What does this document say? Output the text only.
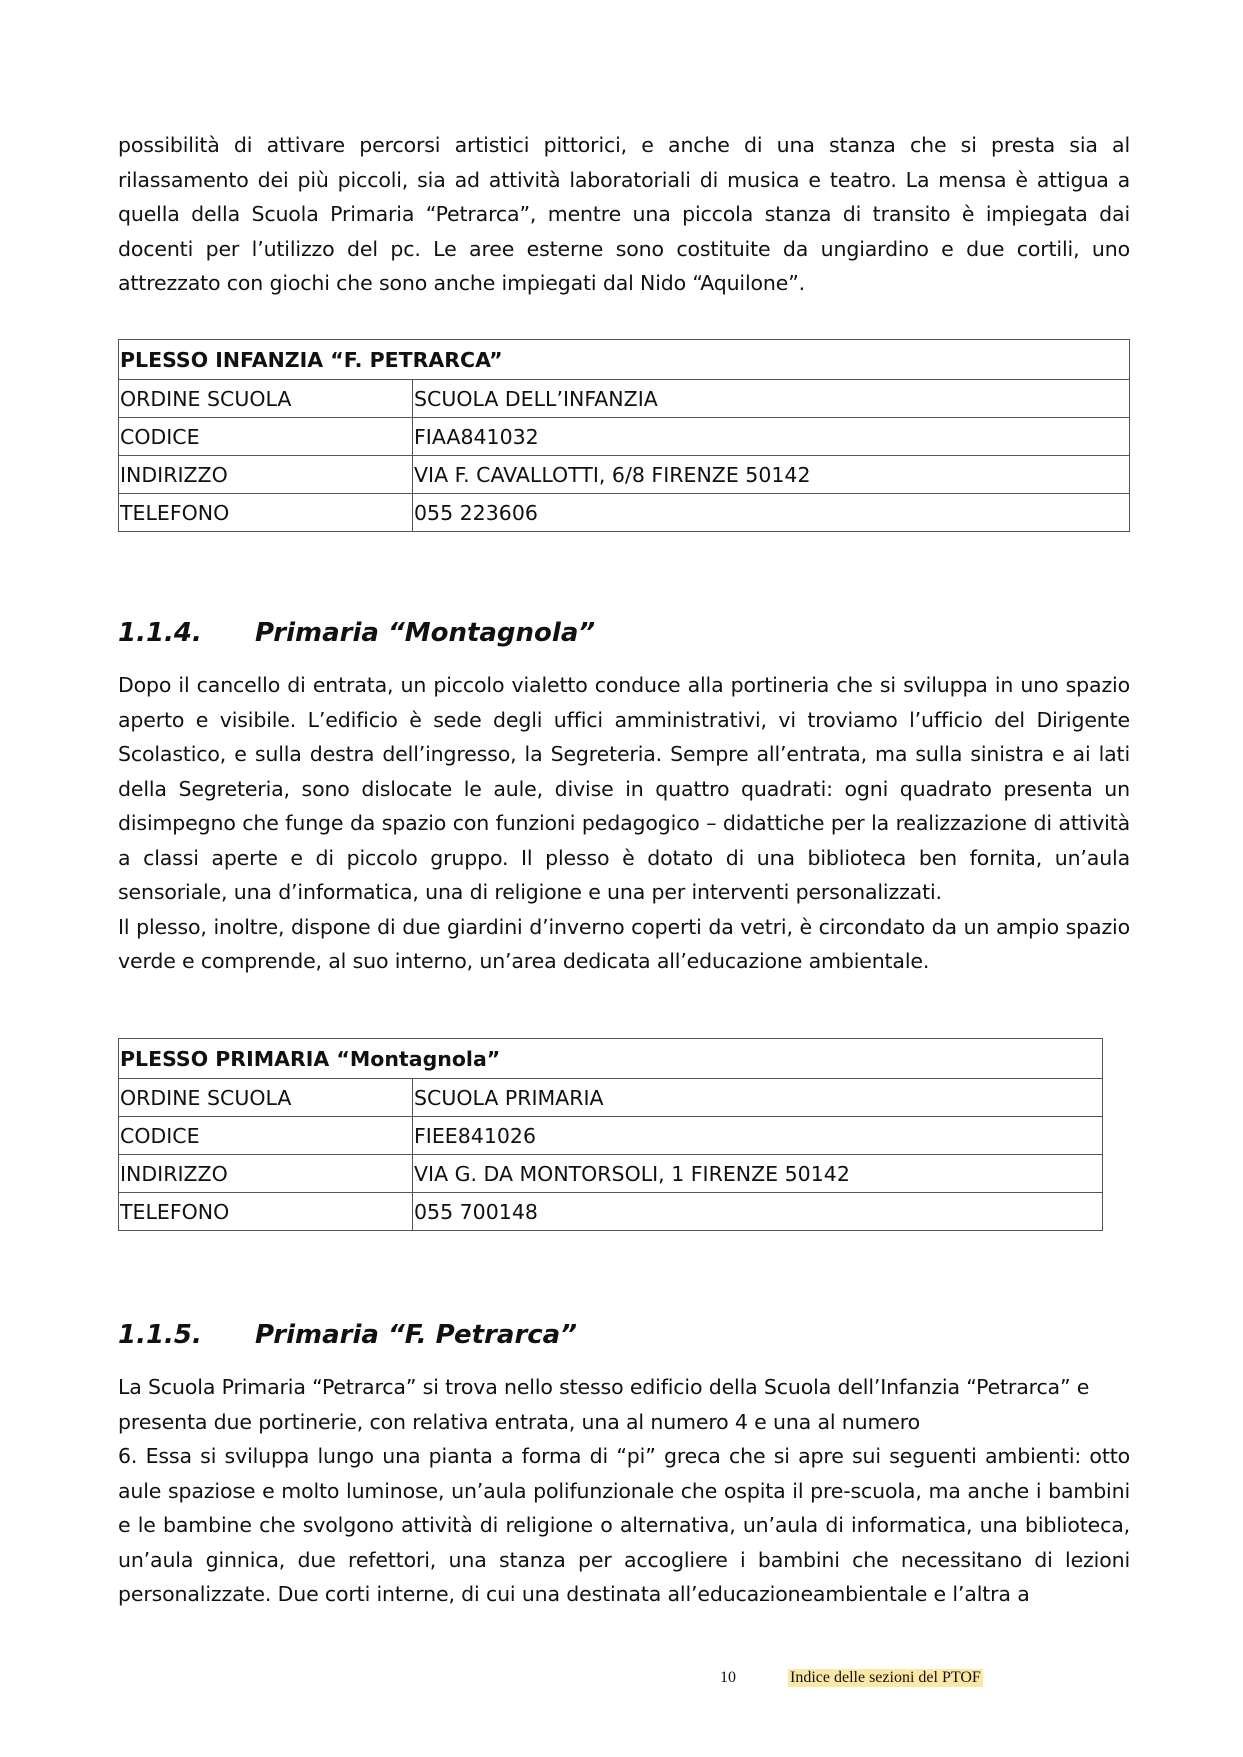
possibilità di attivare percorsi artistici pittorici, e anche di una stanza che si presta sia al rilassamento dei più piccoli, sia ad attività laboratoriali di musica e teatro. La mensa è attigua a quella della Scuola Primaria “Petrarca”, mentre una piccola stanza di transito è impiegata dai docenti per l’utilizzo del pc. Le aree esterne sono costituite da ungiardino e due cortili, uno attrezzato con giochi che sono anche impiegati dal Nido “Aquilone”.

PLESSO INFANZIA “F. PETRARCA”	
ORDINE SCUOLA	SCUOLA DELL’INFANZIA
CODICE	FIAA841032
INDIRIZZO	VIA F. CAVALLOTTI, 6/8 FIRENZE 50142
TELEFONO	055 223606
1.1.4. Primaria “Montagnola”

Dopo il cancello di entrata, un piccolo vialetto conduce alla portineria che si sviluppa in uno spazio aperto e visibile. L’edificio è sede degli uffici amministrativi, vi troviamo l’ufficio del Dirigente Scolastico, e sulla destra dell’ingresso, la Segreteria. Sempre all’entrata, ma sulla sinistra e ai lati della Segreteria, sono dislocate le aule, divise in quattro quadrati: ogni quadrato presenta un disimpegno che funge da spazio con funzioni pedagogico – didattiche per la realizzazione di attività a classi aperte e di piccolo gruppo. Il plesso è dotato di una biblioteca ben fornita, un’aula sensoriale, una d’informatica, una di religione e una per interventi personalizzati.

Il plesso, inoltre, dispone di due giardini d’inverno coperti da vetri, è circondato da un ampio spazio verde e comprende, al suo interno, un’area dedicata all’educazione ambientale.

PLESSO PRIMARIA “Montagnola”	
ORDINE SCUOLA	SCUOLA PRIMARIA
CODICE	FIEE841026
INDIRIZZO	VIA G. DA MONTORSOLI, 1 FIRENZE 50142
TELEFONO	055 700148
1.1.5. Primaria “F. Petrarca”

La Scuola Primaria “Petrarca” si trova nello stesso edificio della Scuola dell’Infanzia “Petrarca” e presenta due portinerie, con relativa entrata, una al numero 4 e una al numero

6. Essa si sviluppa lungo una pianta a forma di “pi” greca che si apre sui seguenti ambienti: otto aule spaziose e molto luminose, un’aula polifunzionale che ospita il pre-scuola, ma anche i bambini e le bambine che svolgono attività di religione o alternativa, un’aula di informatica, una biblioteca, un’aula ginnica, due refettori, una stanza per accogliere i bambini che necessitano di lezioni personalizzate. Due corti interne, di cui una destinata all’educazioneambientale e l’altra a

10	Indice delle sezioni del PTOF
